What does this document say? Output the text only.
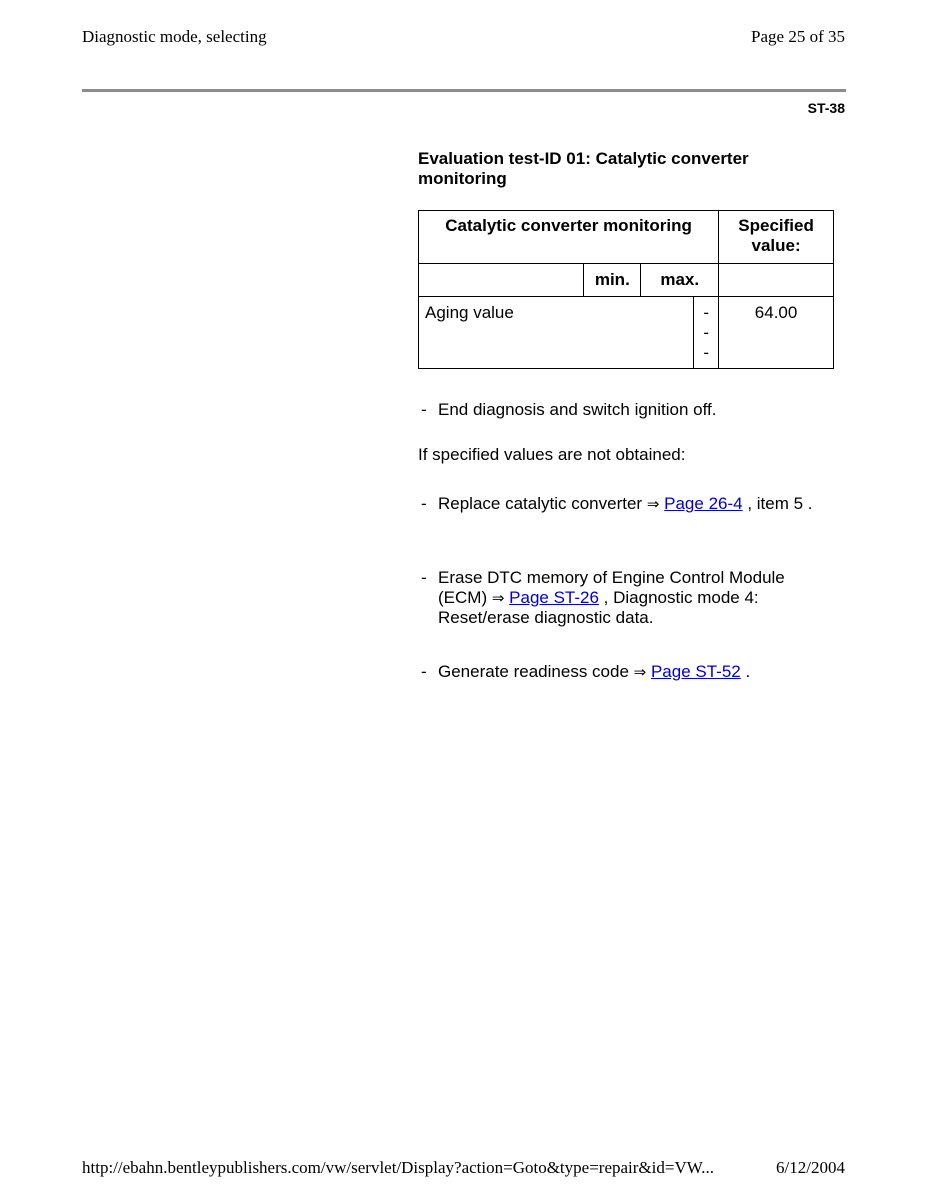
Diagnostic mode, selecting	Page 25 of 35
ST-38
Evaluation test-ID 01: Catalytic converter monitoring
Catalytic converter monitoring				Specified value:
	min.	max.		
Aging value			-
-
-	64.00
- End diagnosis and switch ignition off.
If specified values are not obtained:
- Replace catalytic converter ⇒ Page 26-4 , item 5 .
- Erase DTC memory of Engine Control Module (ECM) ⇒ Page ST-26 , Diagnostic mode 4: Reset/erase diagnostic data.
- Generate readiness code ⇒ Page ST-52 .
http://ebahn.bentleypublishers.com/vw/servlet/Display?action=Goto&type=repair&id=VW...	6/12/2004
